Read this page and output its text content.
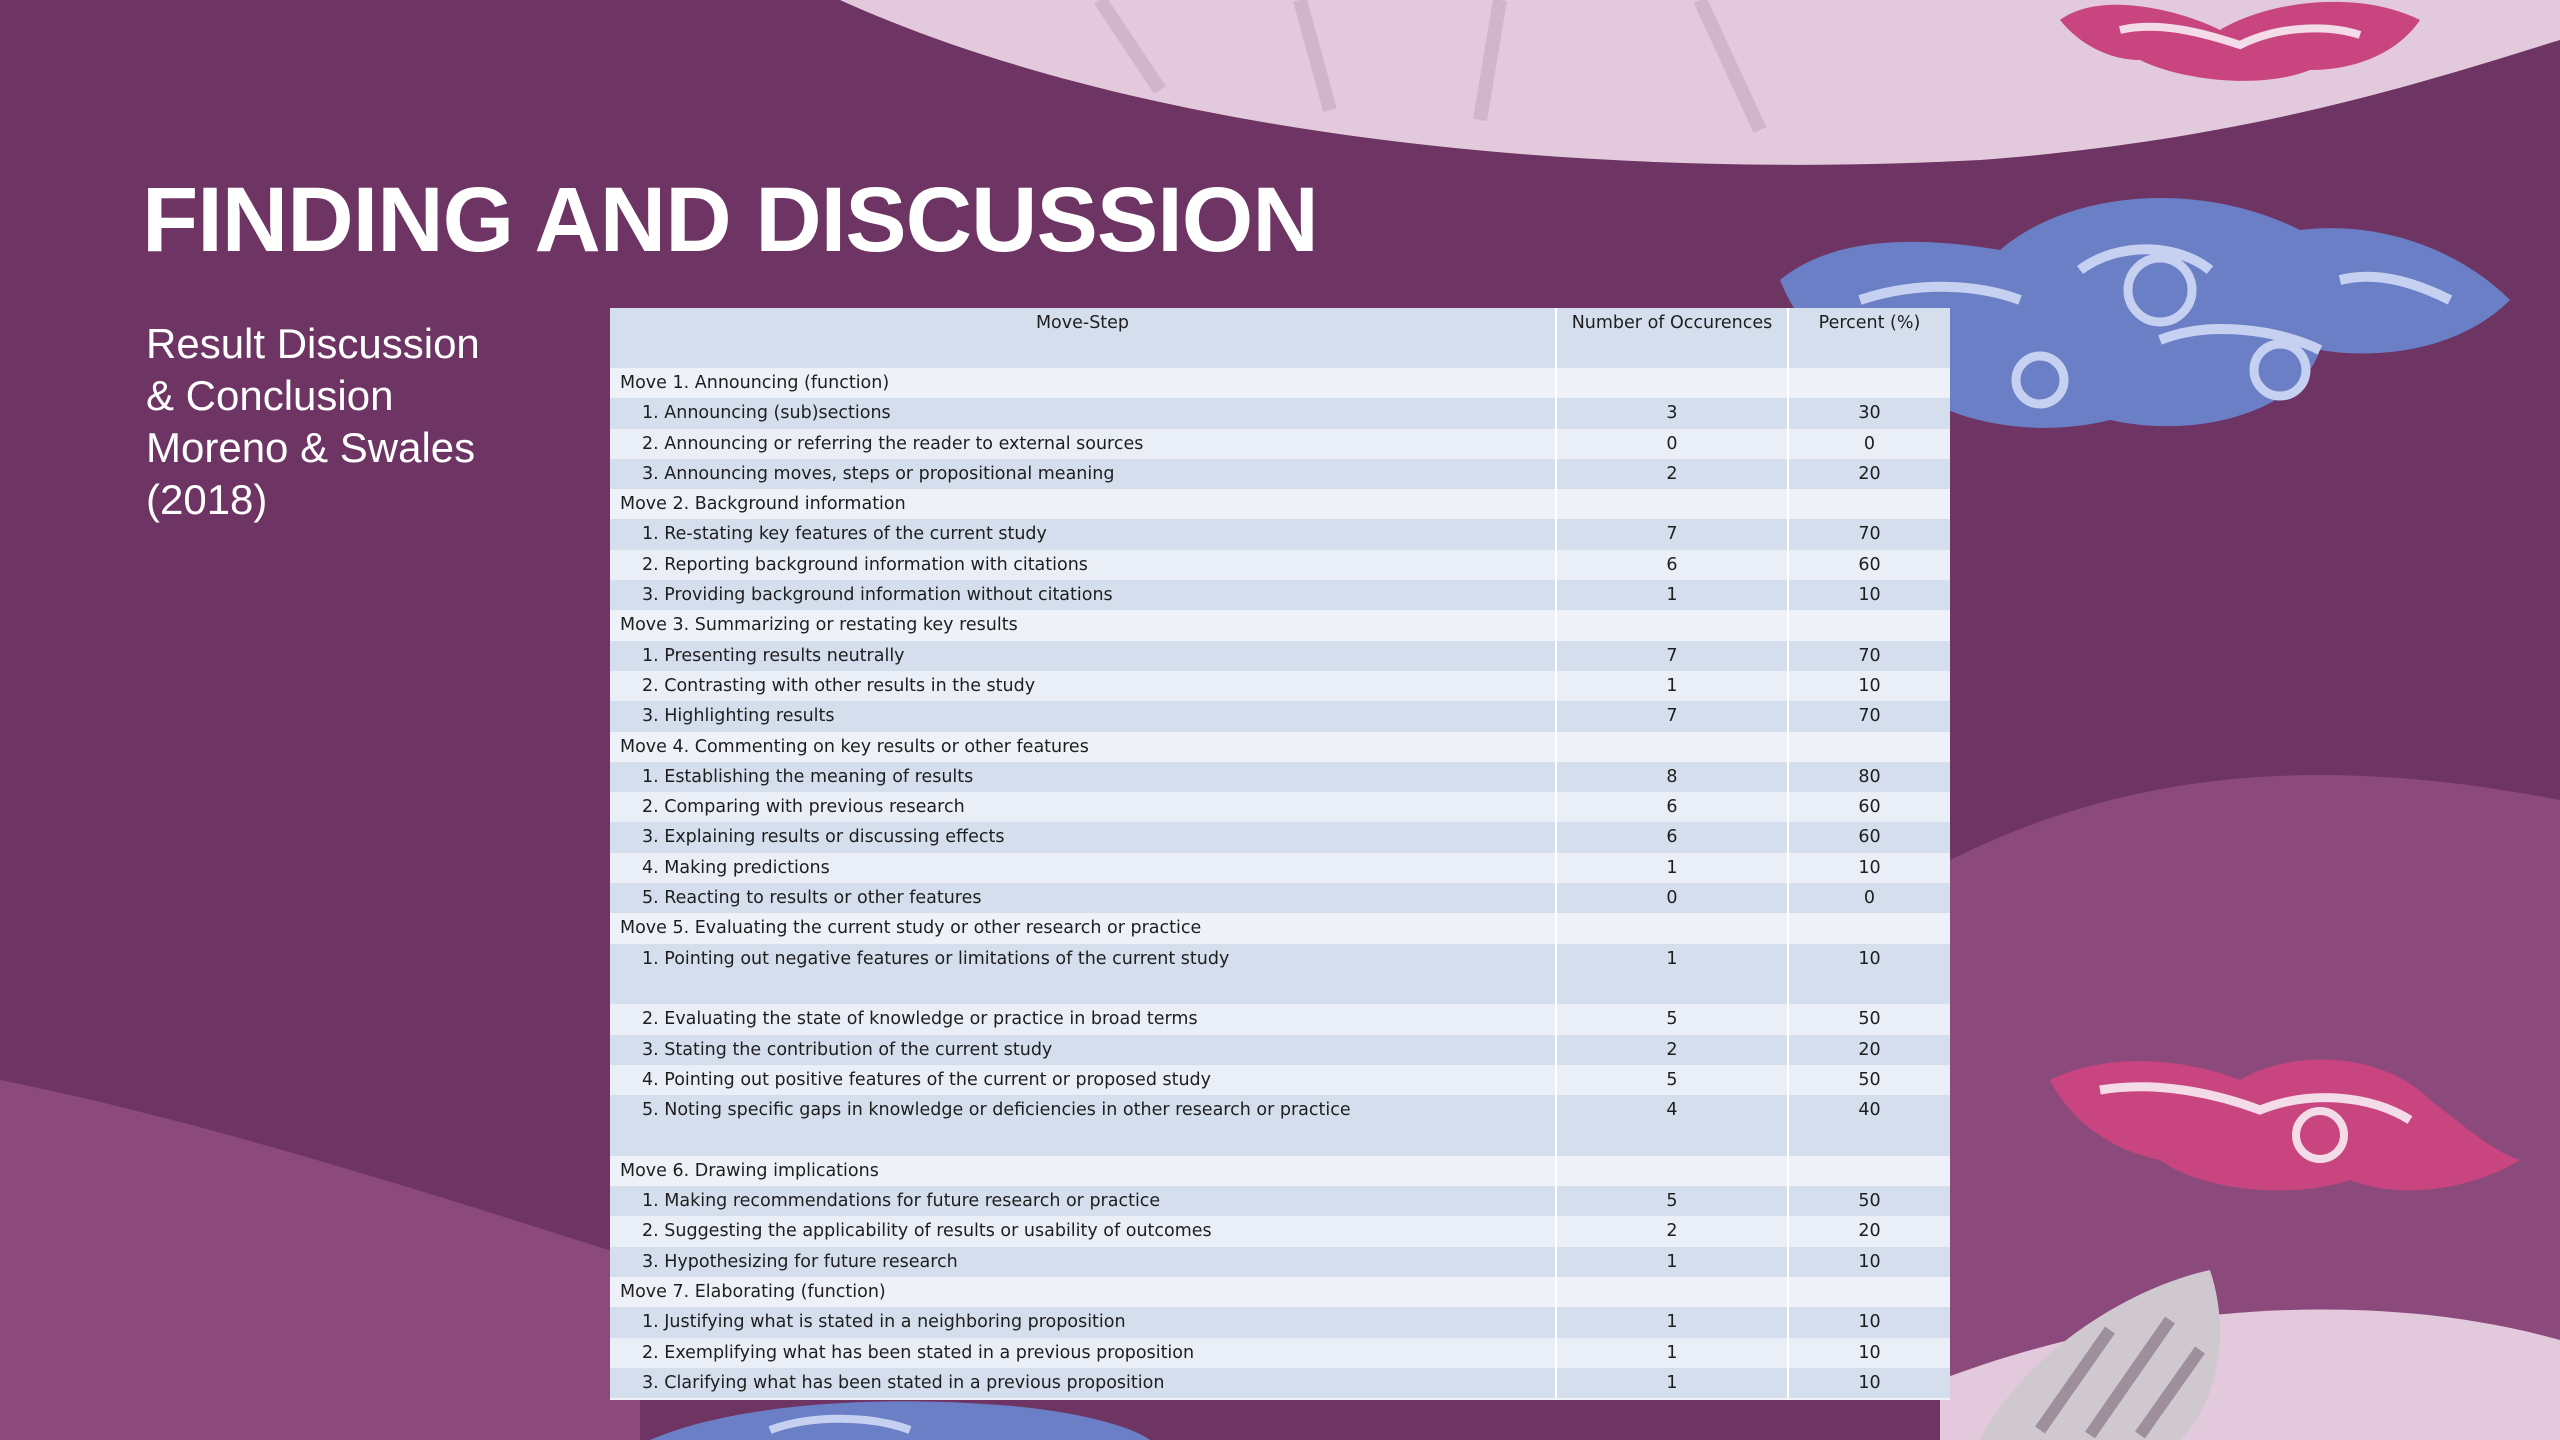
FINDING AND DISCUSSION
Result Discussion
& Conclusion
Moreno & Swales
(2018)
Move-Step	Number of Occurences	Percent (%)
Move 1. Announcing (function)		
1. Announcing (sub)sections	3	30
2. Announcing or referring the reader to external sources	0	0
3. Announcing moves, steps or propositional meaning	2	20
Move 2. Background information		
1. Re-stating key features of the current study	7	70
2. Reporting background information with citations	6	60
3. Providing background information without citations	1	10
Move 3. Summarizing or restating key results		
1. Presenting results neutrally	7	70
2. Contrasting with other results in the study	1	10
3. Highlighting results	7	70
Move 4. Commenting on key results or other features		
1. Establishing the meaning of results	8	80
2. Comparing with previous research	6	60
3. Explaining results or discussing effects	6	60
4. Making predictions	1	10
5. Reacting to results or other features	0	0
Move 5. Evaluating the current study or other research or practice		
1. Pointing out negative features or limitations of the current study	1	10
2. Evaluating the state of knowledge or practice in broad terms	5	50
3. Stating the contribution of the current study	2	20
4. Pointing out positive features of the current or proposed study	5	50
5. Noting specific gaps in knowledge or deficiencies in other research or practice	4	40
Move 6. Drawing implications		
1. Making recommendations for future research or practice	5	50
2. Suggesting the applicability of results or usability of outcomes	2	20
3. Hypothesizing for future research	1	10
Move 7. Elaborating (function)		
1. Justifying what is stated in a neighboring proposition	1	10
2. Exemplifying what has been stated in a previous proposition	1	10
3. Clarifying what has been stated in a previous proposition	1	10
